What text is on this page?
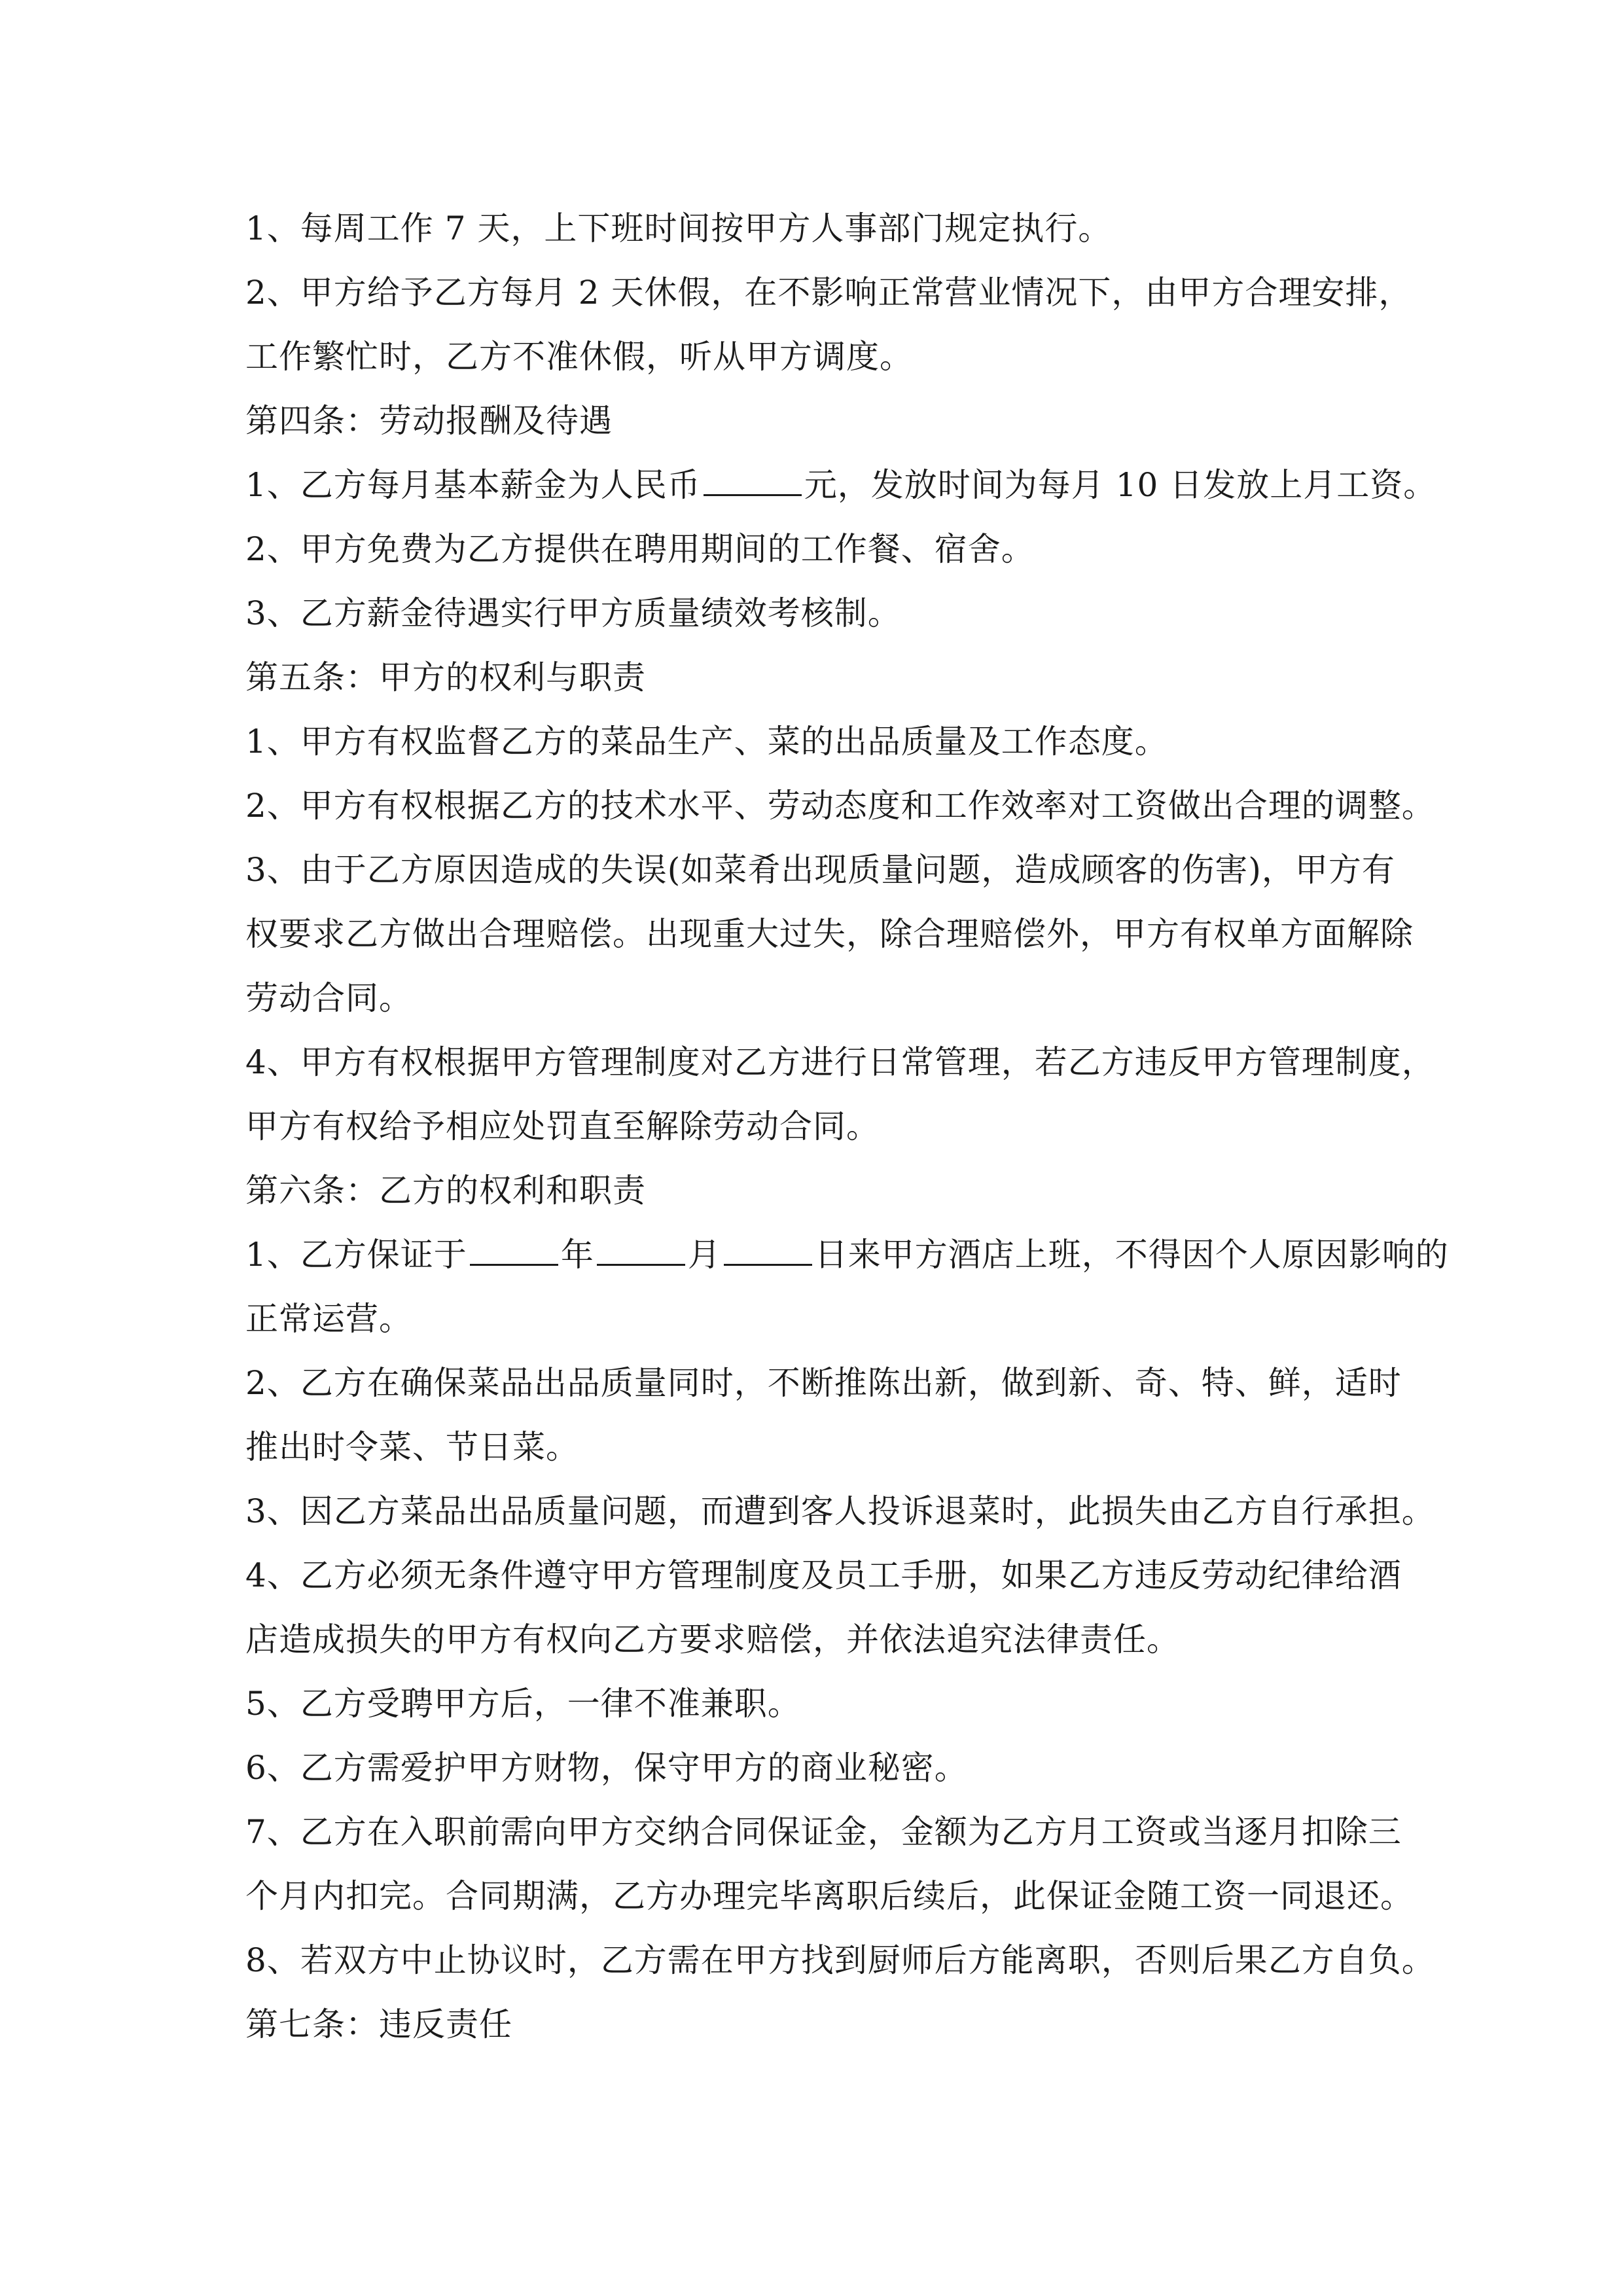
1、每周工作 7 天，上下班时间按甲方人事部门规定执行。
2、甲方给予乙方每月 2 天休假，在不影响正常营业情况下，由甲方合理安排，
工作繁忙时，乙方不准休假，听从甲方调度。
第四条：劳动报酬及待遇
1、乙方每月基本薪金为人民币	元，发放时间为每月 10 日发放上月工资。
2、甲方免费为乙方提供在聘用期间的工作餐、宿舍。
3、乙方薪金待遇实行甲方质量绩效考核制。
第五条：甲方的权利与职责
1、甲方有权监督乙方的菜品生产、菜的出品质量及工作态度。
2、甲方有权根据乙方的技术水平、劳动态度和工作效率对工资做出合理的调整。
3、由于乙方原因造成的失误(如菜肴出现质量问题，造成顾客的伤害)，甲方有
权要求乙方做出合理赔偿。出现重大过失，除合理赔偿外，甲方有权单方面解除
劳动合同。
4、甲方有权根据甲方管理制度对乙方进行日常管理，若乙方违反甲方管理制度，
甲方有权给予相应处罚直至解除劳动合同。
第六条：乙方的权利和职责
1、乙方保证于	年	月	日来甲方酒店上班，不得因个人原因影响的
正常运营。
2、乙方在确保菜品出品质量同时，不断推陈出新，做到新、奇、特、鲜，适时
推出时令菜、节日菜。
3、因乙方菜品出品质量问题，而遭到客人投诉退菜时，此损失由乙方自行承担。
4、乙方必须无条件遵守甲方管理制度及员工手册，如果乙方违反劳动纪律给酒
店造成损失的甲方有权向乙方要求赔偿，并依法追究法律责任。
5、乙方受聘甲方后，一律不准兼职。
6、乙方需爱护甲方财物，保守甲方的商业秘密。
7、乙方在入职前需向甲方交纳合同保证金，金额为乙方月工资或当逐月扣除三
个月内扣完。合同期满，乙方办理完毕离职后续后，此保证金随工资一同退还。
8、若双方中止协议时，乙方需在甲方找到厨师后方能离职，否则后果乙方自负。
第七条：违反责任
